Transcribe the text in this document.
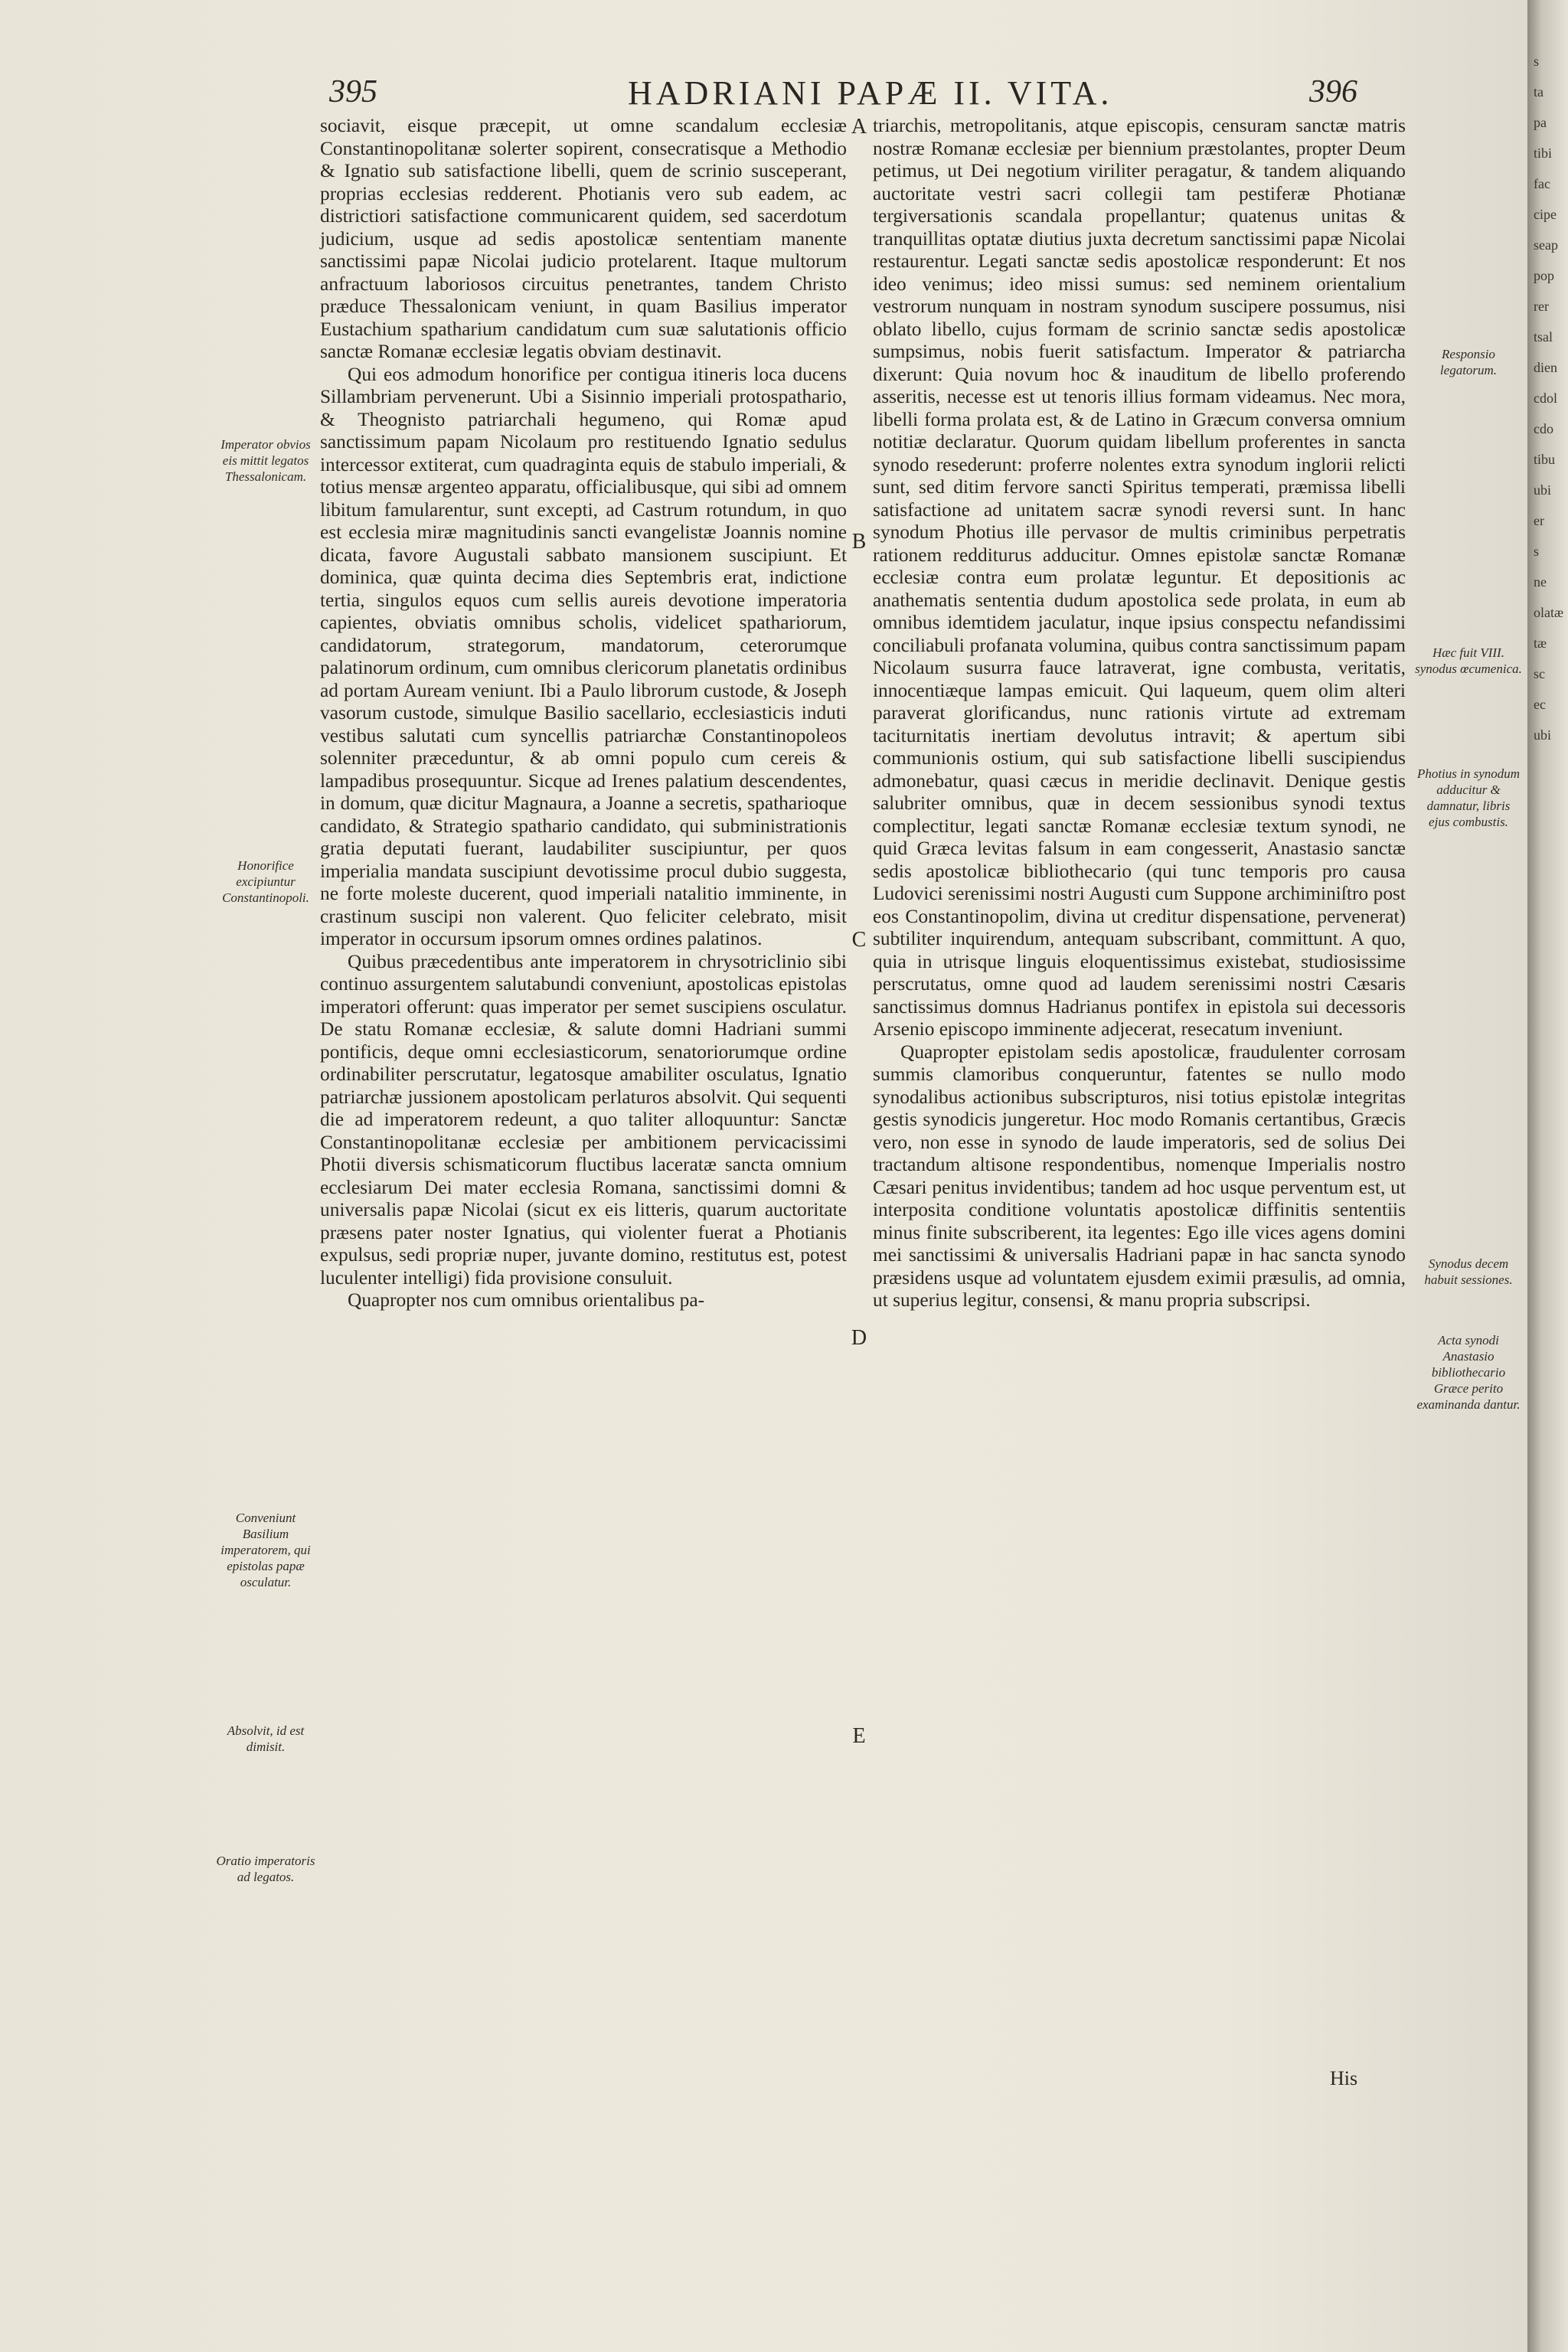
395	HADRIANI PAPÆ II. VITA.	396
Imperator obvios eis mittit legatos Thessalonicam.
Honorifice excipiuntur Constantinopoli.
Conveniunt Basilium imperatorem, qui epistolas papæ osculatur.
Absolvit, id est dimisit.
Oratio imperatoris ad legatos.

sociavit, eisque præcepit, ut omne scandalum ecclesiæ Constantinopolitanæ solerter sopirent, consecratisque a Methodio & Ignatio sub satisfactione libelli, quem de scrinio susceperant, proprias ecclesias redderent. Photianis vero sub eadem, ac districtiori satisfactione communicarent quidem, sed sacerdotum judicium, usque ad sedis apostolicæ sententiam manente sanctissimi papæ Nicolai judicio protelarent. Itaque multorum anfractuum laboriosos circuitus penetrantes, tandem Christo præduce Thessalonicam veniunt, in quam Basilius imperator Eustachium spatharium candidatum cum suæ salutationis officio sanctæ Romanæ ecclesiæ legatis obviam destinavit.

Qui eos admodum honorifice per contigua itineris loca ducens Sillambriam pervenerunt. Ubi a Sisinnio imperiali protospathario, & Theognisto patriarchali hegumeno, qui Romæ apud sanctissimum papam Nicolaum pro restituendo Ignatio sedulus intercessor extiterat, cum quadraginta equis de stabulo imperiali, & totius mensæ argenteo apparatu, officialibusque, qui sibi ad omnem libitum famularentur, sunt excepti, ad Castrum rotundum, in quo est ecclesia miræ magnitudinis sancti evangelistæ Joannis nomine dicata, favore Augustali sabbato mansionem suscipiunt. Et dominica, quæ quinta decima dies Septembris erat, indictione tertia, singulos equos cum sellis aureis devotione imperatoria capientes, obviatis omnibus scholis, videlicet spathariorum, candidatorum, strategorum, mandatorum, ceterorumque palatinorum ordinum, cum omnibus clericorum planetatis ordinibus ad portam Auream veniunt. Ibi a Paulo librorum custode, & Joseph vasorum custode, simulque Basilio sacellario, ecclesiasticis induti vestibus salutati cum syncellis patriarchæ Constantinopoleos solenniter præceduntur, & ab omni populo cum cereis & lampadibus prosequuntur. Sicque ad Irenes palatium descendentes, in domum, quæ dicitur Magnaura, a Joanne a secretis, spathariοque candidato, & Strategio spathario candidato, qui subministrationis gratia deputati fuerant, laudabiliter suscipiuntur, per quos imperialia mandata suscipiunt devotissime procul dubio suggesta, ne forte moleste ducerent, quod imperiali natalitio imminente, in crastinum suscipi non valerent. Quo feliciter celebrato, misit imperator in occursum ipsorum omnes ordines palatinos.

Quibus præcedentibus ante imperatorem in chrysotriclinio sibi continuo assurgentem salutabundi conveniunt, apostolicas epistolas imperatori offerunt: quas imperator per semet suscipiens osculatur. De statu Romanæ ecclesiæ, & salute domni Hadriani summi pontificis, deque omni ecclesiasticorum, senatoriorumque ordine ordinabiliter perscrutatur, legatosque amabiliter osculatus, Ignatio patriarchæ jussionem apostolicam perlaturos absolvit. Qui sequenti die ad imperatorem redeunt, a quo taliter alloquuntur: Sanctæ Constantinopolitanæ ecclesiæ per ambitionem pervicacissimi Photii diversis schismaticorum fluctibus laceratæ sancta omnium ecclesiarum Dei mater ecclesia Romana, sanctissimi domni & universalis papæ Nicolai (sicut ex eis litteris, quarum auctoritate præsens pater noster Ignatius, qui violenter fuerat a Photianis expulsus, sedi propriæ nuper, juvante domino, restitutus est, potest luculenter intelligi) fida provisione consuluit.

Quapropter nos cum omnibus orientalibus pa-

A
B
C
D
E

triarchis, metropolitanis, atque episcopis, censuram sanctæ matris nostræ Romanæ ecclesiæ per biennium præstolantes, propter Deum petimus, ut Dei negotium viriliter peragatur, & tandem aliquando auctoritate vestri sacri collegii tam pestiferæ Photianæ tergiversationis scandala propellantur; quatenus unitas & tranquillitas optatæ diutius juxta decretum sanctissimi papæ Nicolai restaurentur. Legati sanctæ sedis apostolicæ responderunt: Et nos ideo venimus; ideo missi sumus: sed neminem orientalium vestrorum nunquam in nostram synodum suscipere possumus, nisi oblato libello, cujus formam de scrinio sanctæ sedis apostolicæ sumpsimus, nobis fuerit satisfactum. Imperator & patriarcha dixerunt: Quia novum hoc & inauditum de libello proferendo asseritis, necesse est ut tenoris illius formam videamus. Nec mora, libelli forma prolata est, & de Latino in Græcum conversa omnium notitiæ declaratur. Quorum quidam libellum proferentes in sancta synodo resederunt: proferre nolentes extra synodum inglorii relicti sunt, sed ditim fervore sancti Spiritus temperati, præmissa libelli satisfactione ad unitatem sacræ synodi reversi sunt. In hanc synodum Photius ille pervasor de multis criminibus perpetratis rationem redditurus adducitur. Omnes epistolæ sanctæ Romanæ ecclesiæ contra eum prolatæ leguntur. Et depositionis ac anathematis sententia dudum apostolica sede prolata, in eum ab omnibus idemtidem jaculatur, inque ipsius conspectu nefandissimi conciliabuli profanata volumina, quibus contra sanctissimum papam Nicolaum susurra fauce latraverat, igne combusta, veritatis, innocentiæque lampas emicuit. Qui laqueum, quem olim alteri paraverat glorificandus, nunc rationis virtute ad extremam taciturnitatis inertiam devolutus intravit; & apertum sibi communionis ostium, qui sub satisfactione libelli suscipiendus admonebatur, quasi cæcus in meridie declinavit. Denique gestis salubriter omnibus, quæ in decem sessionibus synodi textus complectitur, legati sanctæ Romanæ ecclesiæ textum synodi, ne quid Græca levitas falsum in eam congesserit, Anastasio sanctæ sedis apostolicæ bibliothecario (qui tunc temporis pro causa Ludovici serenissimi nostri Augusti cum Suppone archiminiſtro post eos Constantinopolim, divina ut creditur dispensatione, pervenerat) subtiliter inquirendum, antequam subscribant, committunt. A quo, quia in utrisque linguis eloquentissimus existebat, studiosissime perscrutatus, omne quod ad laudem serenissimi nostri Cæsaris sanctissimus domnus Hadrianus pontifex in epistola sui decessoris Arsenio episcopo imminente adjecerat, resecatum inveniunt.

Quapropter epistolam sedis apostolicæ, fraudulenter corrosam summis clamoribus conqueruntur, fatentes se nullo modo synodalibus actionibus subscripturos, nisi totius epistolæ integritas gestis synodicis jungeretur. Hoc modo Romanis certantibus, Græcis vero, non esse in synodo de laude imperatoris, sed de solius Dei tractandum altisone respondentibus, nomenque Imperialis nostro Cæsari penitus invidentibus; tandem ad hoc usque perventum est, ut interposita conditione voluntatis apostolicæ diffinitis sententiis minus finite subscriberent, ita legentes: Ego ille vices agens domini mei sanctissimi & universalis Hadriani papæ in hac sancta synodo præsidens usque ad voluntatem ejusdem eximii præsulis, ad omnia, ut superius legitur, consensi, & manu propria subscripsi.

Responsio legatorum.
Hæc fuit VIII. synodus œcumenica.
Photius in synodum adducitur & damnatur, libris ejus combustis.
Synodus decem habuit sessiones.
Acta synodi Anastasio bibliothecario Græce perito examinanda dantur.
His
s
ta
pa
tibi
fac
cipe
seap
pop
rer
tsal
dien
cdol
cdo
tibu
ubi
er
s
ne
olatæ
tæ
sc
ec
ubi
